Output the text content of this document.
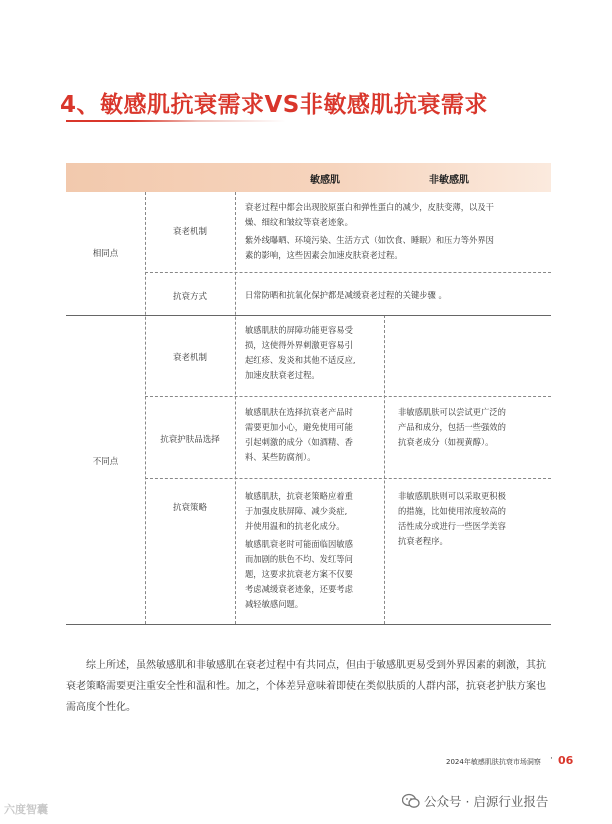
4、敏感肌抗衰需求VS非敏感肌抗衰需求
敏感肌	非敏感肌
相同点
不同点
衰老机制
抗衰方式
衰老机制
抗衰护肤品选择
抗衰策略
衰老过程中都会出现胶原蛋白和弹性蛋白的减少，皮肤变薄，以及干
燥、细纹和皱纹等衰老迹象。
紫外线曝晒、环境污染、生活方式（如饮食、睡眠）和压力等外界因
素的影响，这些因素会加速皮肤衰老过程。
日常防晒和抗氧化保护都是减缓衰老过程的关键步骤 。
敏感肌肤的屏障功能更容易受
损，这使得外界刺激更容易引
起红疹、发炎和其他不适反应,
加速皮肤衰老过程。
敏感肌肤在选择抗衰老产品时
需要更加小心，避免使用可能
引起刺激的成分（如酒精、香
料、某些防腐剂）。
非敏感肌肤可以尝试更广泛的
产品和成分，包括一些强效的
抗衰老成分（如视黄醇）。
敏感肌肤，抗衰老策略应着重
于加强皮肤屏障、减少炎症,
并使用温和的抗老化成分。
敏感肌衰老时可能面临因敏感
而加剧的肤色不均、发红等问
题，这要求抗衰老方案不仅要
考虑减缓衰老迹象，还要考虑
减轻敏感问题。
非敏感肌肤则可以采取更积极
的措施，比如使用浓度较高的
活性成分或进行一些医学美容
抗衰老程序。
综上所述，虽然敏感肌和非敏感肌在衰老过程中有共同点，但由于敏感肌更易受到外界因素的刺激，其抗衰老策略需要更注重安全性和温和性。加之，个体差异意味着即使在类似肤质的人群内部，抗衰老护肤方案也需高度个性化。
2024年敏感肌肤抗衰市场洞察 · 06
六度智囊
公众号 · 启源行业报告
